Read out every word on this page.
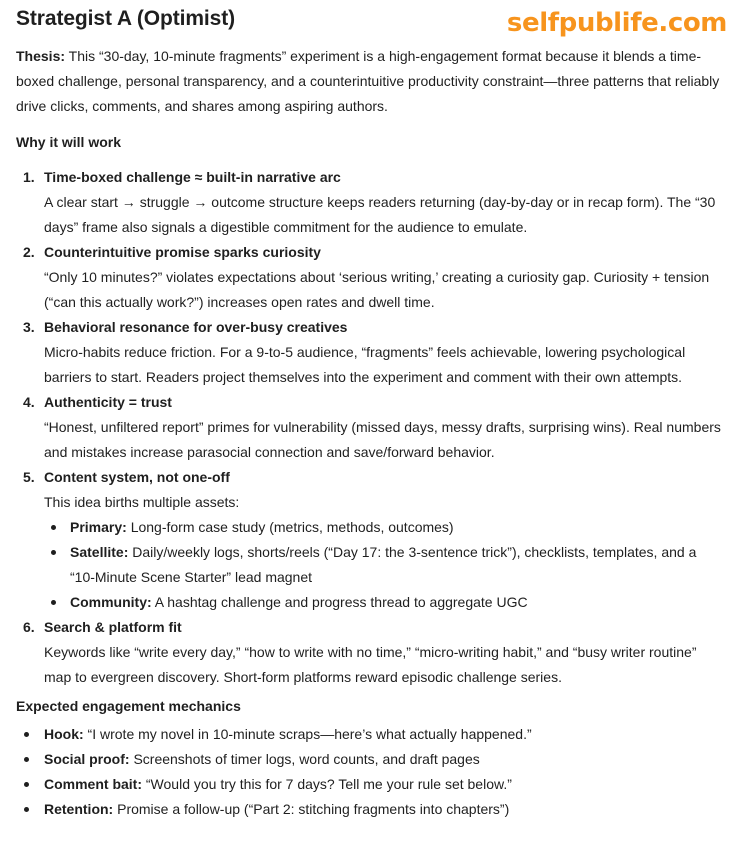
selfpublife.com
Strategist A (Optimist)

Thesis: This “30-day, 10-minute fragments” experiment is a high-engagement format because it blends a time-boxed challenge, personal transparency, and a counterintuitive productivity constraint—three patterns that reliably drive clicks, comments, and shares among aspiring authors.

Why it will work
1. Time-boxed challenge ≈ built-in narrative arc
A clear start → struggle → outcome structure keeps readers returning (day-by-day or in recap form). The “30 days” frame also signals a digestible commitment for the audience to emulate.
2. Counterintuitive promise sparks curiosity
“Only 10 minutes?” violates expectations about ‘serious writing,’ creating a curiosity gap. Curiosity + tension (“can this actually work?”) increases open rates and dwell time.
3. Behavioral resonance for over-busy creatives
Micro-habits reduce friction. For a 9-to-5 audience, “fragments” feels achievable, lowering psychological barriers to start. Readers project themselves into the experiment and comment with their own attempts.
4. Authenticity = trust
“Honest, unfiltered report” primes for vulnerability (missed days, messy drafts, surprising wins). Real numbers and mistakes increase parasocial connection and save/forward behavior.
5. Content system, not one-off
This idea births multiple assets:
Primary: Long-form case study (metrics, methods, outcomes)
Satellite: Daily/weekly logs, shorts/reels (“Day 17: the 3-sentence trick”), checklists, templates, and a “10-Minute Scene Starter” lead magnet
Community: A hashtag challenge and progress thread to aggregate UGC
6. Search & platform fit
Keywords like “write every day,” “how to write with no time,” “micro-writing habit,” and “busy writer routine” map to evergreen discovery. Short-form platforms reward episodic challenge series.
Expected engagement mechanics
Hook: “I wrote my novel in 10-minute scraps—here’s what actually happened.”
Social proof: Screenshots of timer logs, word counts, and draft pages
Comment bait: “Would you try this for 7 days? Tell me your rule set below.”
Retention: Promise a follow-up (“Part 2: stitching fragments into chapters”)
